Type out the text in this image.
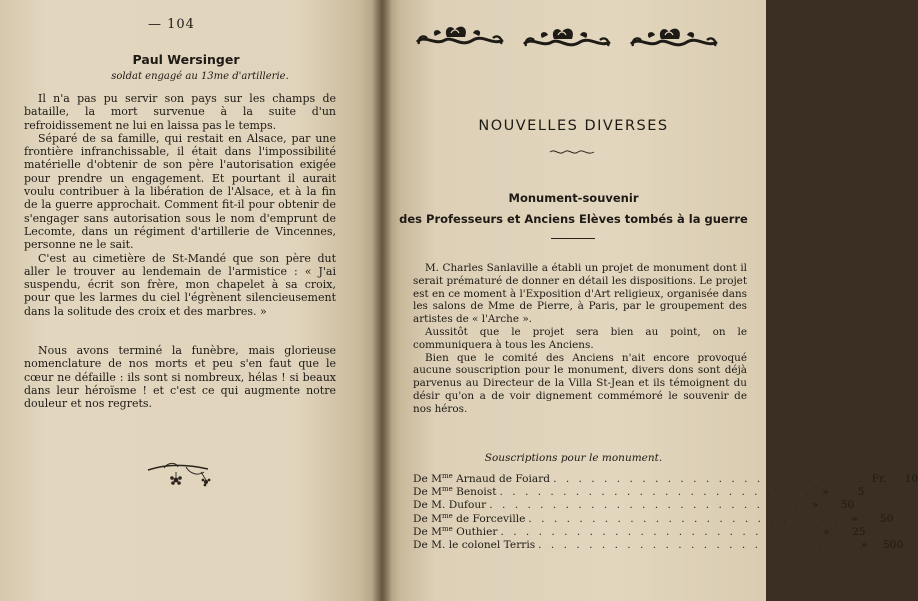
— 104
Paul Wersinger
soldat engagé au 13me d'artillerie.

Il n'a pas pu servir son pays sur les champs de bataille, la mort survenue à la suite d'un refroidissement ne lui en laissa pas le temps.

Séparé de sa famille, qui restait en Alsace, par une frontière infranchissable, il était dans l'impossibilité matérielle d'obtenir de son père l'autorisation exigée pour prendre un engagement. Et pourtant il aurait voulu contribuer à la libération de l'Alsace, et à la fin de la guerre approchait. Comment fit-il pour obtenir de s'engager sans autorisation sous le nom d'emprunt de Lecomte, dans un régiment d'artillerie de Vincennes, personne ne le sait.

C'est au cimetière de St-Mandé que son père dut aller le trouver au lendemain de l'armistice : « J'ai suspendu, écrit son frère, mon chapelet à sa croix, pour que les larmes du ciel l'égrènent silencieusement dans la solitude des croix et des marbres. »

Nous avons terminé la funèbre, mais glorieuse nomenclature de nos morts et peu s'en faut que le cœur ne défaille : ils sont si nombreux, hélas ! si beaux dans leur héroïsme ! et c'est ce qui augmente notre douleur et nos regrets.

NOUVELLES DIVERSES
Monument-souvenir
des Professeurs et Anciens Elèves tombés à la guerre

M. Charles Sanlaville a établi un projet de monument dont il serait prématuré de donner en détail les dispositions. Le projet est en ce moment à l'Exposition d'Art religieux, organisée dans les salons de Mme de Pierre, à Paris, par le groupement des artistes de « l'Arche ».

Aussitôt que le projet sera bien au point, on le communiquera à tous les Anciens.

Bien que le comité des Anciens n'ait encore provoqué aucune souscription pour le monument, divers dons sont déjà parvenus au Directeur de la Villa St-Jean et ils témoignent du désir qu'on a de voir dignement commémoré le souvenir de nos héros.

Souscriptions pour le monument.
De $M^{me}$ Arnaud de Foiard . . . . . . . . . . . . . . . . . . . . . . . . . Fr.	10
De $M^{me}$ Benoist . . . . . . . . . . . . . . . . . . . . . . . . .	»	5
De M. Dufour . . . . . . . . . . . . . . . . . . . . . . . . .	»	50
De $M^{me}$ de Forceville . . . . . . . . . . . . . . . . . . . . . . . . .	»	50
De $M^{me}$ Outhier . . . . . . . . . . . . . . . . . . . . . . . . .	»	25
De M. le colonel Terris . . . . . . . . . . . . . . . . . . . . . . . . .	»	500
